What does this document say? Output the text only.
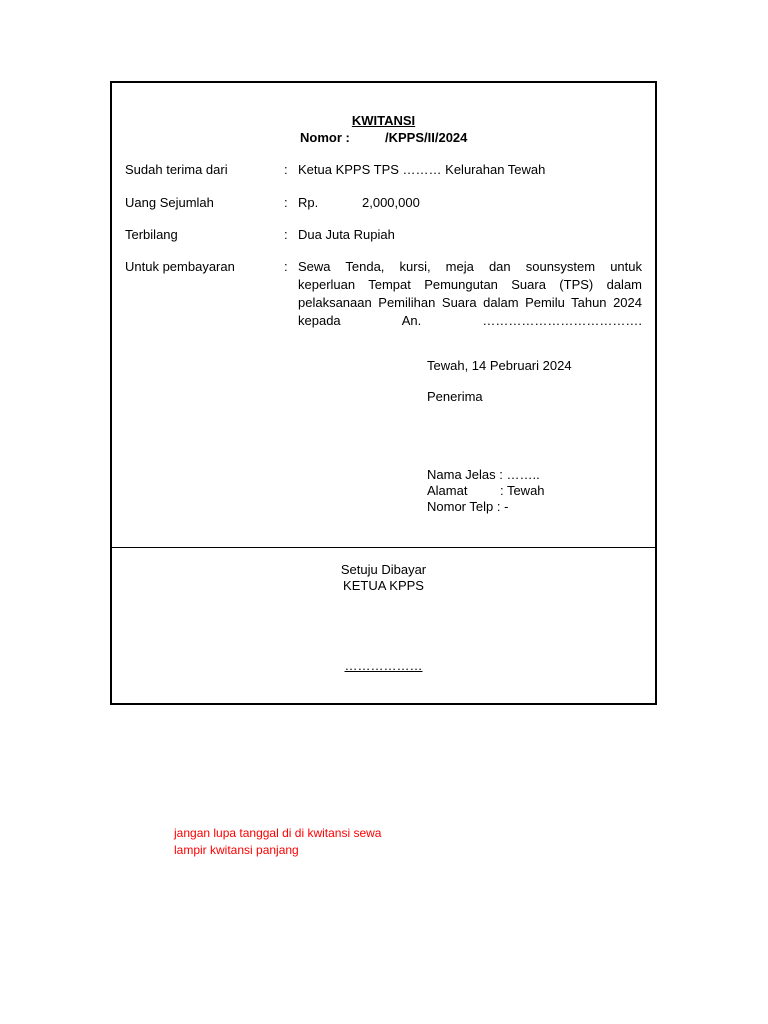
KWITANSI
Nomor :	/KPPS/II/2024
Sudah terima dari	: Ketua KPPS TPS ……… Kelurahan Tewah
Uang Sejumlah	: Rp.	2,000,000
Terbilang	: Dua Juta Rupiah
Untuk pembayaran	: Sewa Tenda, kursi, meja dan sounsystem untuk
keperluan Tempat Pemungutan Suara (TPS) dalam
pelaksanaan Pemilihan Suara dalam Pemilu Tahun 2024
kepada	An.	……………………………….
Tewah, 14 Pebruari 2024
Penerima
Nama Jelas : ……..
Alamat         : Tewah
Nomor Telp : -
Setuju Dibayar
KETUA KPPS
………………
jangan lupa tanggal di di kwitansi sewa
lampir kwitansi panjang
